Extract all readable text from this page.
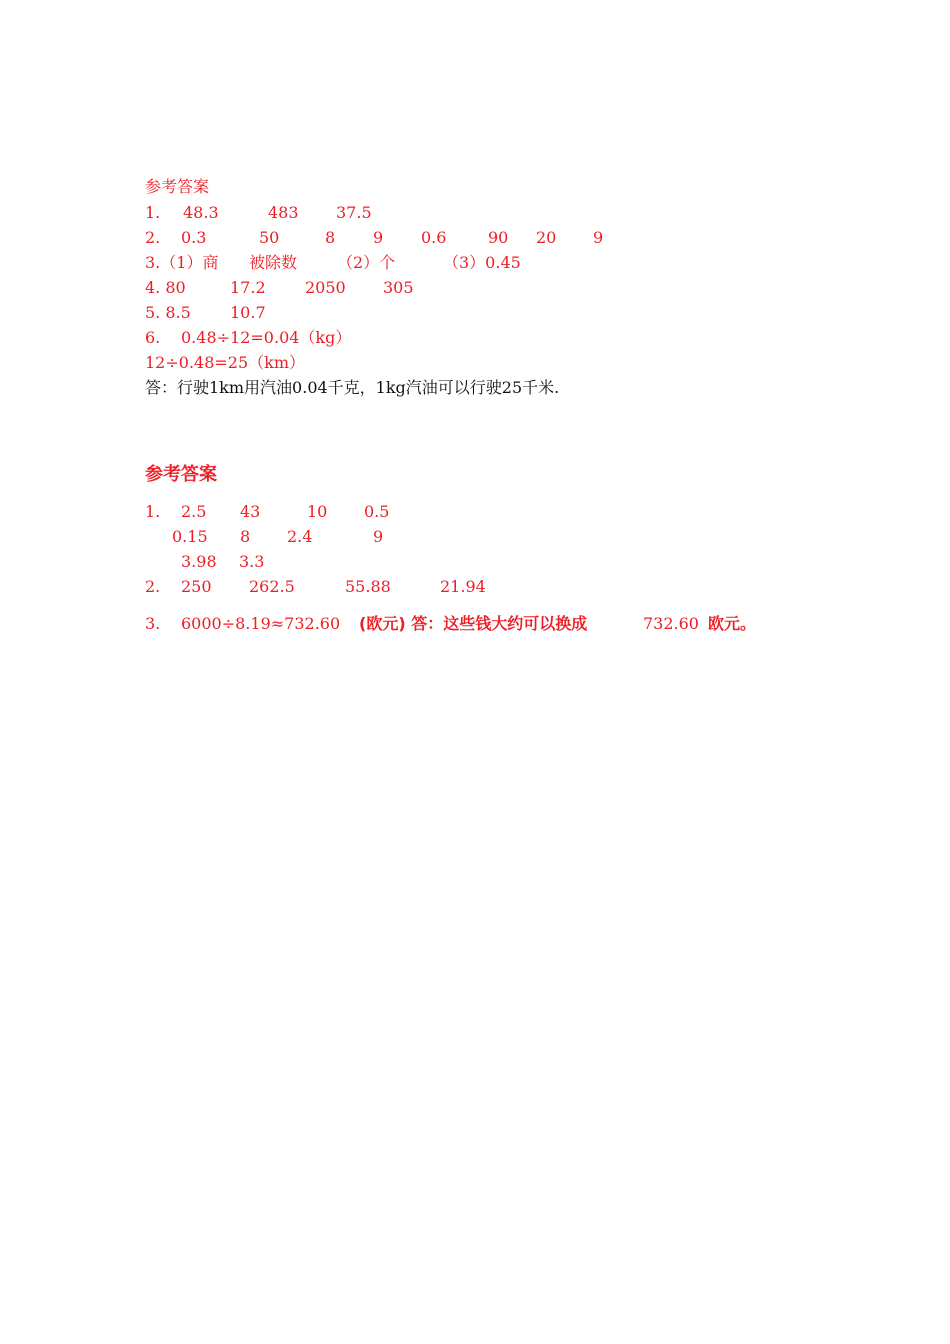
参考答案
1. 48.3	483 37.5
2. 0.3	50	8 9 0.6	90 20 9
3.（1）商 被除数 （2）个	（3）0.45
4. 80	17.2 2050 305
5. 8.5 10.7
6. 0.48÷12=0.04（kg）
12÷0.48=25（km）
答：行驶1km用汽油0.04千克，1kg汽油可以行驶25千米.
参考答案
1. 2.5 43	10 0.5
0.15 8 2.4	9
3.98 3.3
2. 250 262.5	55.88	21.94
3. 6000÷8.19≈732.60 (欧元) 答：这些钱大约可以换成	732.60 欧元。
